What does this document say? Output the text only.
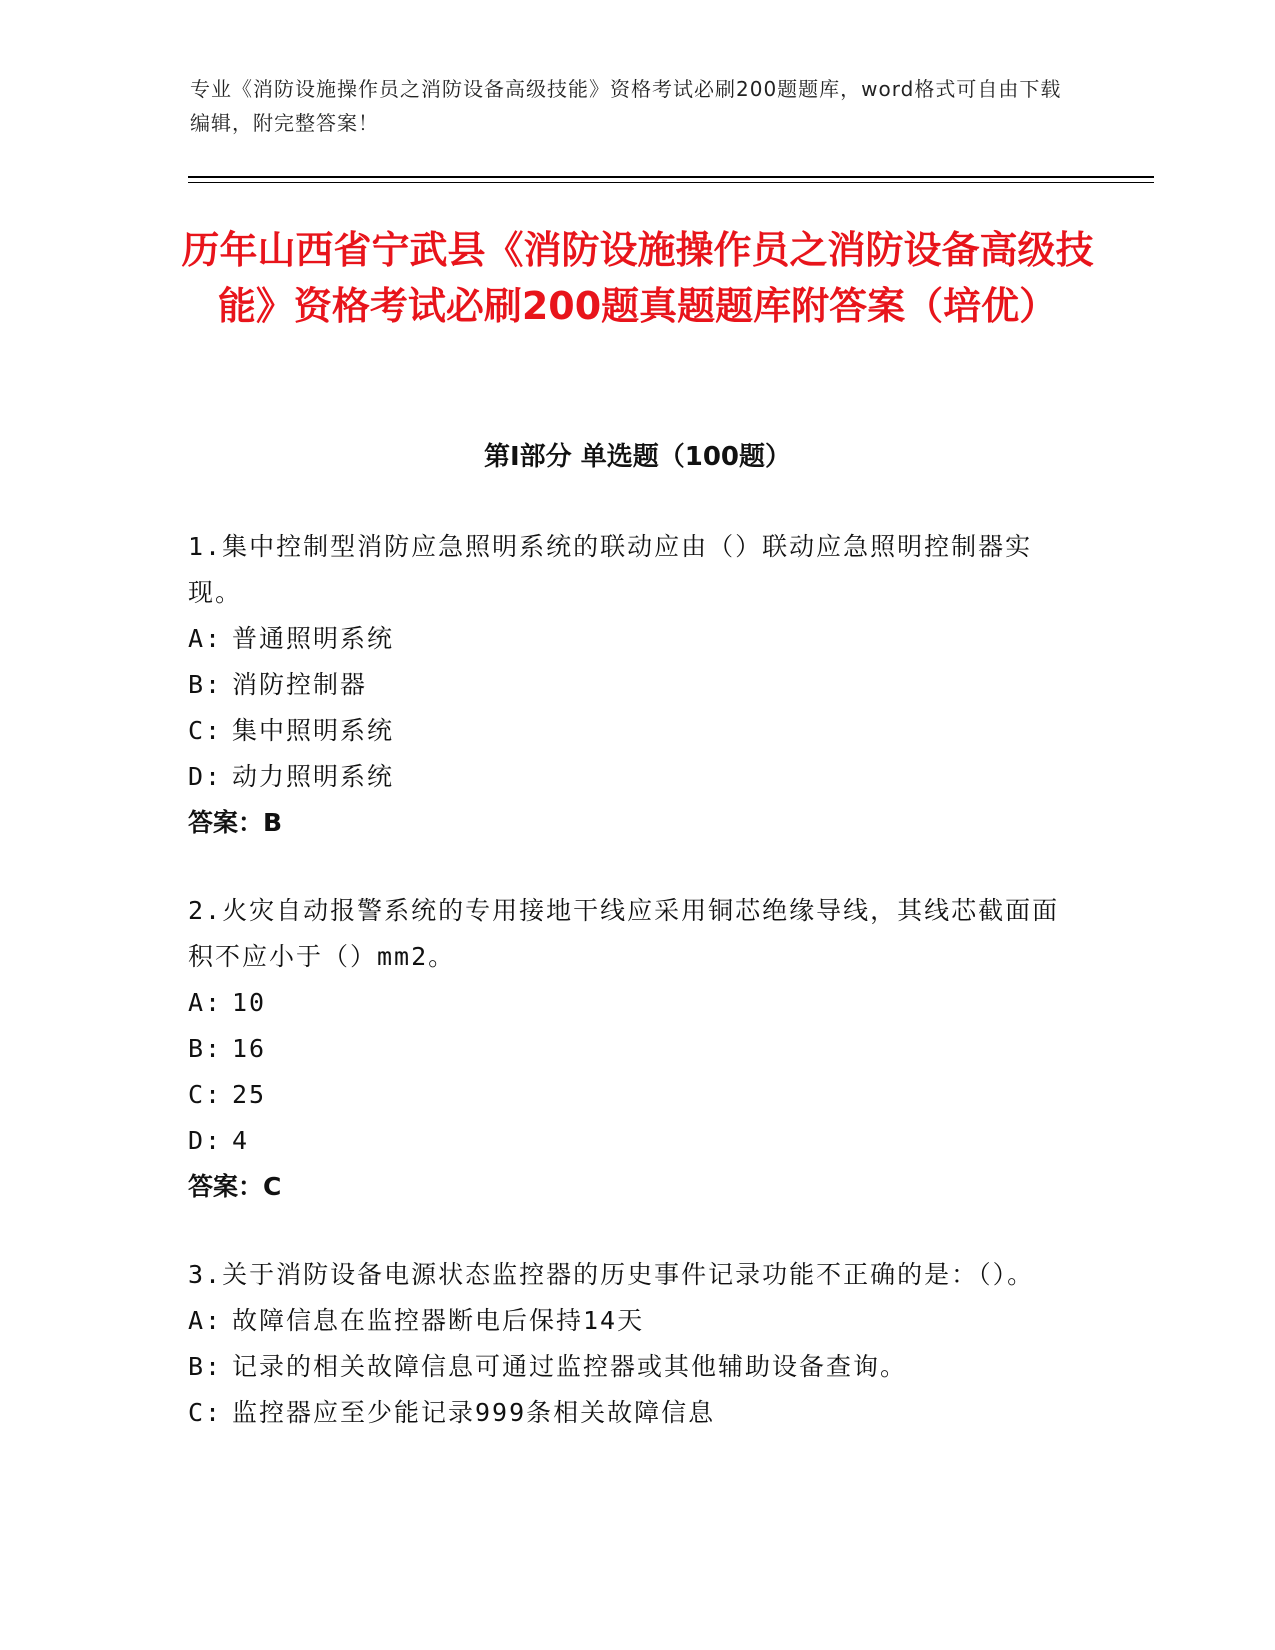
专业《消防设施操作员之消防设备高级技能》资格考试必刷200题题库，word格式可自由下载编辑，附完整答案！
历年山西省宁武县《消防设施操作员之消防设备高级技能》资格考试必刷200题真题题库附答案（培优）
第I部分 单选题（100题）
1.集中控制型消防应急照明系统的联动应由（）联动应急照明控制器实现。
A: 普通照明系统
B: 消防控制器
C: 集中照明系统
D: 动力照明系统
答案：B
2.火灾自动报警系统的专用接地干线应采用铜芯绝缘导线，其线芯截面面积不应小于（）mm2。
A: 10
B: 16
C: 25
D: 4
答案：C
3.关于消防设备电源状态监控器的历史事件记录功能不正确的是：（）。
A: 故障信息在监控器断电后保持14天
B: 记录的相关故障信息可通过监控器或其他辅助设备查询。
C: 监控器应至少能记录999条相关故障信息
